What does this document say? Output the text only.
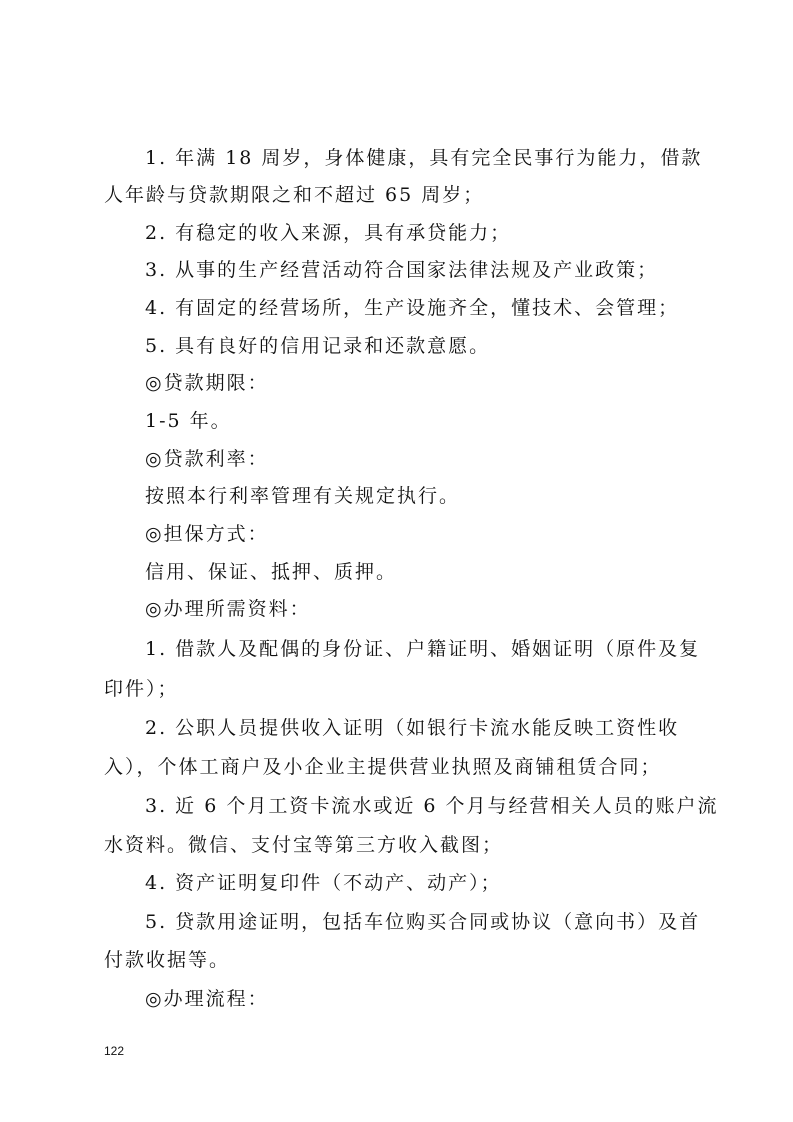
1. 年满 18 周岁，身体健康，具有完全民事行为能力，借款
人年龄与贷款期限之和不超过 65 周岁；
2. 有稳定的收入来源，具有承贷能力；
3. 从事的生产经营活动符合国家法律法规及产业政策；
4. 有固定的经营场所，生产设施齐全，懂技术、会管理；
5. 具有良好的信用记录和还款意愿。
◎贷款期限：
1-5 年。
◎贷款利率：
按照本行利率管理有关规定执行。
◎担保方式：
信用、保证、抵押、质押。
◎办理所需资料：
1. 借款人及配偶的身份证、户籍证明、婚姻证明（原件及复
印件）；
2. 公职人员提供收入证明（如银行卡流水能反映工资性收
入），个体工商户及小企业主提供营业执照及商铺租赁合同；
3. 近 6 个月工资卡流水或近 6 个月与经营相关人员的账户流
水资料。微信、支付宝等第三方收入截图；
4. 资产证明复印件（不动产、动产）；
5. 贷款用途证明，包括车位购买合同或协议（意向书）及首
付款收据等。
◎办理流程：
122
